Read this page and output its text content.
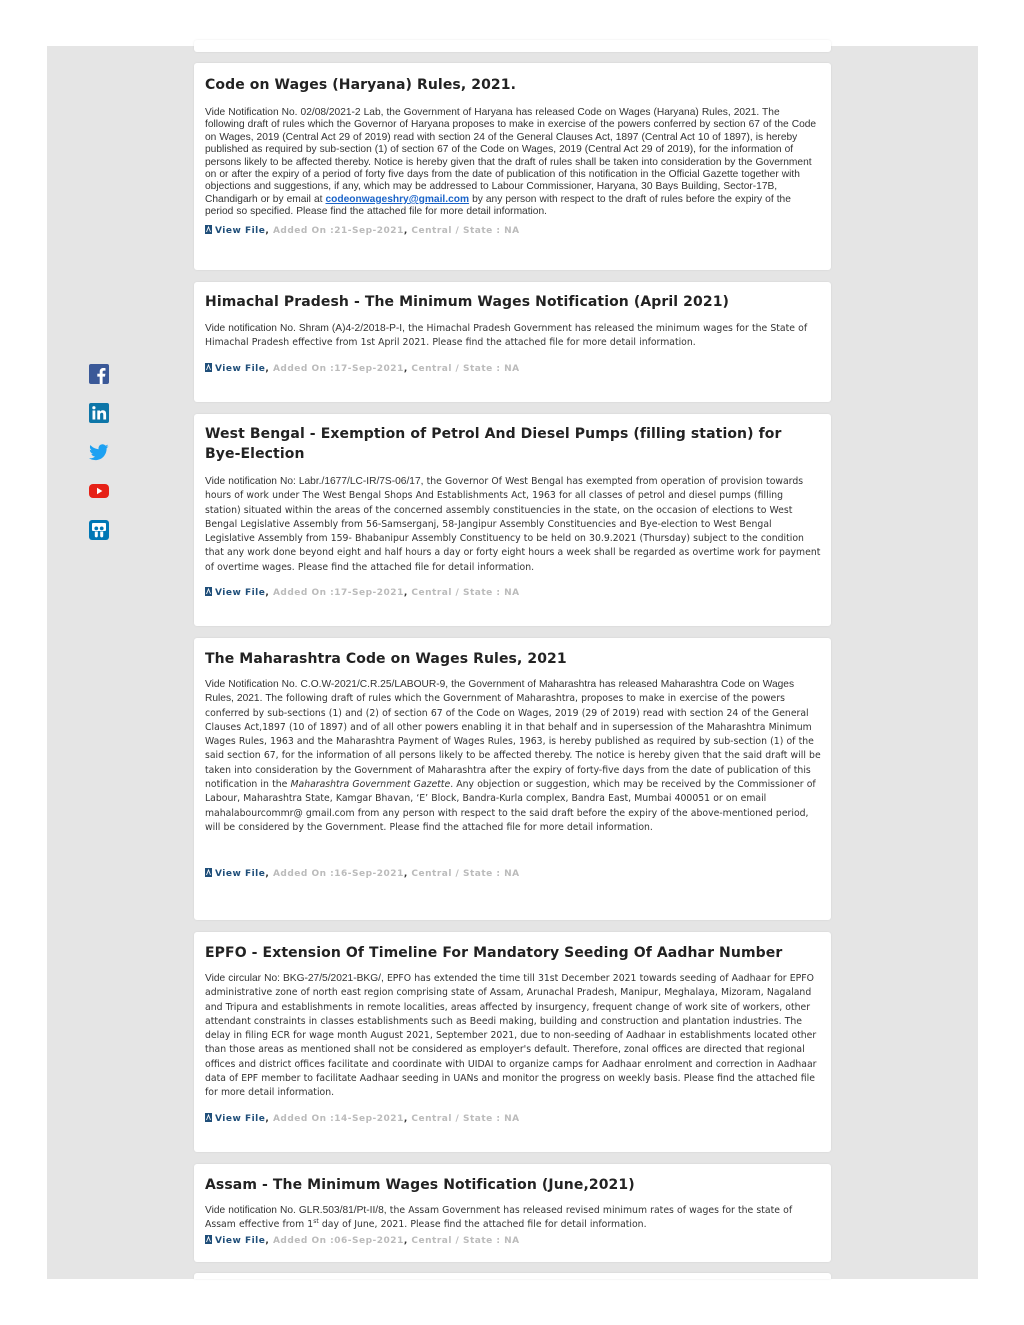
Code on Wages (Haryana) Rules, 2021.

Vide Notification No. 02/08/2021-2 Lab, the Government of Haryana has released Code on Wages (Haryana) Rules, 2021. The following draft of rules which the Governor of Haryana proposes to make in exercise of the powers conferred by section 67 of the Code on Wages, 2019 (Central Act 29 of 2019) read with section 24 of the General Clauses Act, 1897 (Central Act 10 of 1897), is hereby published as required by sub-section (1) of section 67 of the Code on Wages, 2019 (Central Act 29 of 2019), for the information of persons likely to be affected thereby. Notice is hereby given that the draft of rules shall be taken into consideration by the Government on or after the expiry of a period of forty five days from the date of publication of this notification in the Official Gazette together with objections and suggestions, if any, which may be addressed to Labour Commissioner, Haryana, 30 Bays Building, Sector-17B, Chandigarh or by email at codeonwageshry@gmail.com by any person with respect to the draft of rules before the expiry of the period so specified. Please find the attached file for more detail information.

View File, Added On :21-Sep-2021, Central / State : NA
Himachal Pradesh - The Minimum Wages Notification (April 2021)

Vide notification No. Shram (A)4-2/2018-P-I, the Himachal Pradesh Government has released the minimum wages for the State of Himachal Pradesh effective from 1st April 2021. Please find the attached file for more detail information.

View File, Added On :17-Sep-2021, Central / State : NA
West Bengal - Exemption of Petrol And Diesel Pumps (filling station) for Bye-Election

Vide notification No: Labr./1677/LC-IR/7S-06/17, the Governor Of West Bengal has exempted from operation of provision towards hours of work under The West Bengal Shops And Establishments Act, 1963 for all classes of petrol and diesel pumps (filling station) situated within the areas of the concerned assembly constituencies in the state, on the occasion of elections to West Bengal Legislative Assembly from 56-Samserganj, 58-Jangipur Assembly Constituencies and Bye-election to West Bengal Legislative Assembly from 159- Bhabanipur Assembly Constituency to be held on 30.9.2021 (Thursday) subject to the condition that any work done beyond eight and half hours a day or forty eight hours a week shall be regarded as overtime work for payment of overtime wages. Please find the attached file for detail information.

View File, Added On :17-Sep-2021, Central / State : NA
The Maharashtra Code on Wages Rules, 2021

Vide Notification No. C.O.W-2021/C.R.25/LABOUR-9, the Government of Maharashtra has released Maharashtra Code on Wages Rules, 2021. The following draft of rules which the Government of Maharashtra, proposes to make in exercise of the powers conferred by sub-sections (1) and (2) of section 67 of the Code on Wages, 2019 (29 of 2019) read with section 24 of the General Clauses Act,1897 (10 of 1897) and of all other powers enabling it in that behalf and in supersession of the Maharashtra Minimum Wages Rules, 1963 and the Maharashtra Payment of Wages Rules, 1963, is hereby published as required by sub-section (1) of the said section 67, for the information of all persons likely to be affected thereby. The notice is hereby given that the said draft will be taken into consideration by the Government of Maharashtra after the expiry of forty-five days from the date of publication of this notification in the Maharashtra Government Gazette. Any objection or suggestion, which may be received by the Commissioner of Labour, Maharashtra State, Kamgar Bhavan, ‘E’ Block, Bandra-Kurla complex, Bandra East, Mumbai 400051 or on email mahalabourcommr@ gmail.com from any person with respect to the said draft before the expiry of the above-mentioned period, will be considered by the Government. Please find the attached file for more detail information.

View File, Added On :16-Sep-2021, Central / State : NA
EPFO - Extension Of Timeline For Mandatory Seeding Of Aadhar Number

Vide circular No: BKG-27/5/2021-BKG/, EPFO has extended the time till 31st December 2021 towards seeding of Aadhaar for EPFO administrative zone of north east region comprising state of Assam, Arunachal Pradesh, Manipur, Meghalaya, Mizoram, Nagaland and Tripura and establishments in remote localities, areas affected by insurgency, frequent change of work site of workers, other attendant constraints in classes establishments such as Beedi making, building and construction and plantation industries. The delay in filing ECR for wage month August 2021, September 2021, due to non-seeding of Aadhaar in establishments located other than those areas as mentioned shall not be considered as employer's default. Therefore, zonal offices are directed that regional offices and district offices facilitate and coordinate with UIDAI to organize camps for Aadhaar enrolment and correction in Aadhaar data of EPF member to facilitate Aadhaar seeding in UANs and monitor the progress on weekly basis. Please find the attached file for more detail information.

View File, Added On :14-Sep-2021, Central / State : NA
Assam - The Minimum Wages Notification (June,2021)

Vide notification No. GLR.503/81/Pt-II/8, the Assam Government has released revised minimum rates of wages for the state of Assam effective from 1st day of June, 2021. Please find the attached file for detail information.

View File, Added On :06-Sep-2021, Central / State : NA
